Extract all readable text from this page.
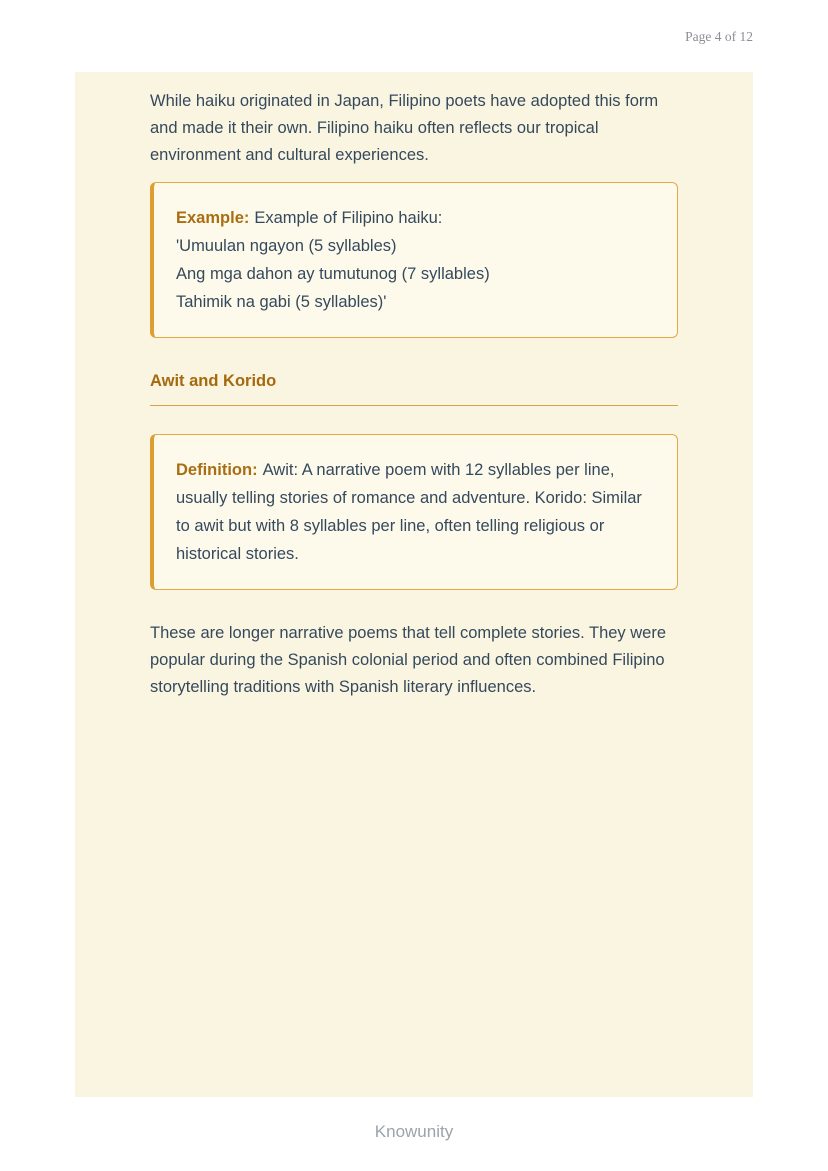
Page 4 of 12

While haiku originated in Japan, Filipino poets have adopted this form and made it their own. Filipino haiku often reflects our tropical environment and cultural experiences.

Example: Example of Filipino haiku:

'Umuulan ngayon (5 syllables)

Ang mga dahon ay tumutunog (7 syllables)

Tahimik na gabi (5 syllables)'

Awit and Korido

Definition: Awit: A narrative poem with 12 syllables per line, usually telling stories of romance and adventure. Korido: Similar to awit but with 8 syllables per line, often telling religious or historical stories.

These are longer narrative poems that tell complete stories. They were popular during the Spanish colonial period and often combined Filipino storytelling traditions with Spanish literary influences.

Knowunity
